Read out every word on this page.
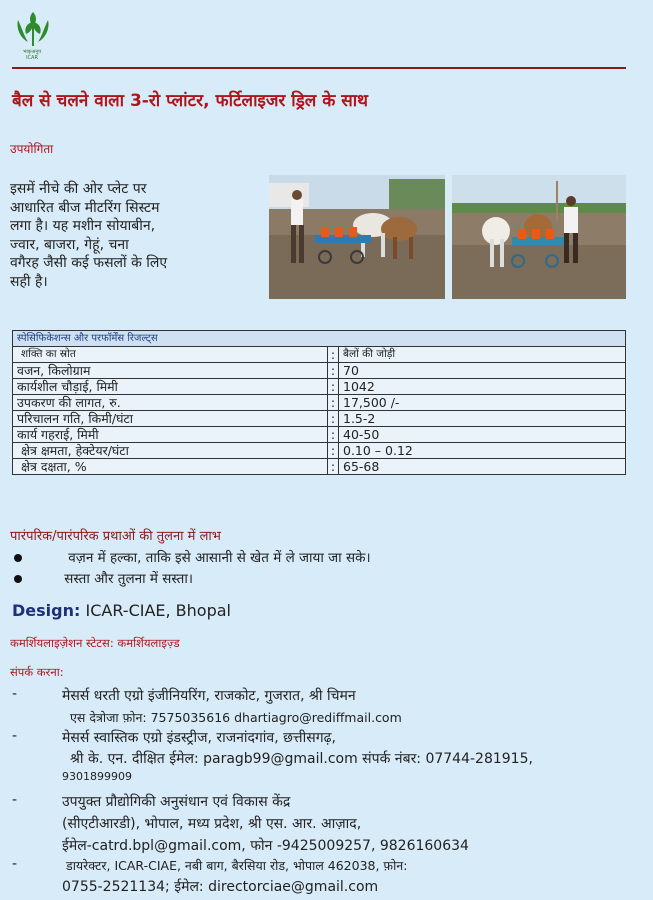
भाकृअनुप
ICAR
बैल से चलने वाला 3-रो प्लांटर, फर्टिलाइजर ड्रिल के साथ
उपयोगिता
इसमें नीचे की ओर प्लेट पर
आधारित बीज मीटरिंग सिस्टम
लगा है। यह मशीन सोयाबीन,
ज्वार, बाजरा, गेहूं, चना
वगैरह जैसी कई फसलों के लिए
सही है।
स्पेसिफिकेशन्स और परफॉर्मेंस रिजल्ट्स		
शक्ति का स्रोत	:	बैलों की जोड़ी
वजन, किलोग्राम	:	70
कार्यशील चौड़ाई, मिमी	:	1042
उपकरण की लागत, रु.	:	17,500 /-
परिचालन गति, किमी/घंटा	:	1.5-2
कार्य गहराई, मिमी	:	40-50
क्षेत्र क्षमता, हेक्टेयर/घंटा	:	0.10 – 0.12
क्षेत्र दक्षता, %	:	65-68
पारंपरिक/पारंपरिक प्रथाओं की तुलना में लाभ
वज़न में हल्का, ताकि इसे आसानी से खेत में ले जाया जा सके।
सस्ता और तुलना में सस्ता।
Design: ICAR-CIAE, Bhopal
कमर्शियलाइज़ेशन स्टेटस: कमर्शियलाइज़्ड
संपर्क करना:
-	मेसर्स धरती एग्रो इंजीनियरिंग, राजकोट, गुजरात, श्री चिमन
एस देत्रोजा फ़ोन: 7575035616 dhartiagro@rediffmail.com
-	मेसर्स स्वास्तिक एग्रो इंडस्ट्रीज, राजनांदगांव, छत्तीसगढ़,
श्री के. एन. दीक्षित ईमेल: paragb99@gmail.com संपर्क नंबर: 07744-281915,
9301899909
-	उपयुक्त प्रौद्योगिकी अनुसंधान एवं विकास केंद्र
(सीएटीआरडी), भोपाल, मध्य प्रदेश, श्री एस. आर. आज़ाद,
ईमेल-catrd.bpl@gmail.com, फोन -9425009257, 9826160634
-	डायरेक्टर, ICAR-CIAE, नबी बाग, बैरसिया रोड, भोपाल 462038, फ़ोन:
0755-2521134; ईमेल: directorciae@gmail.com
